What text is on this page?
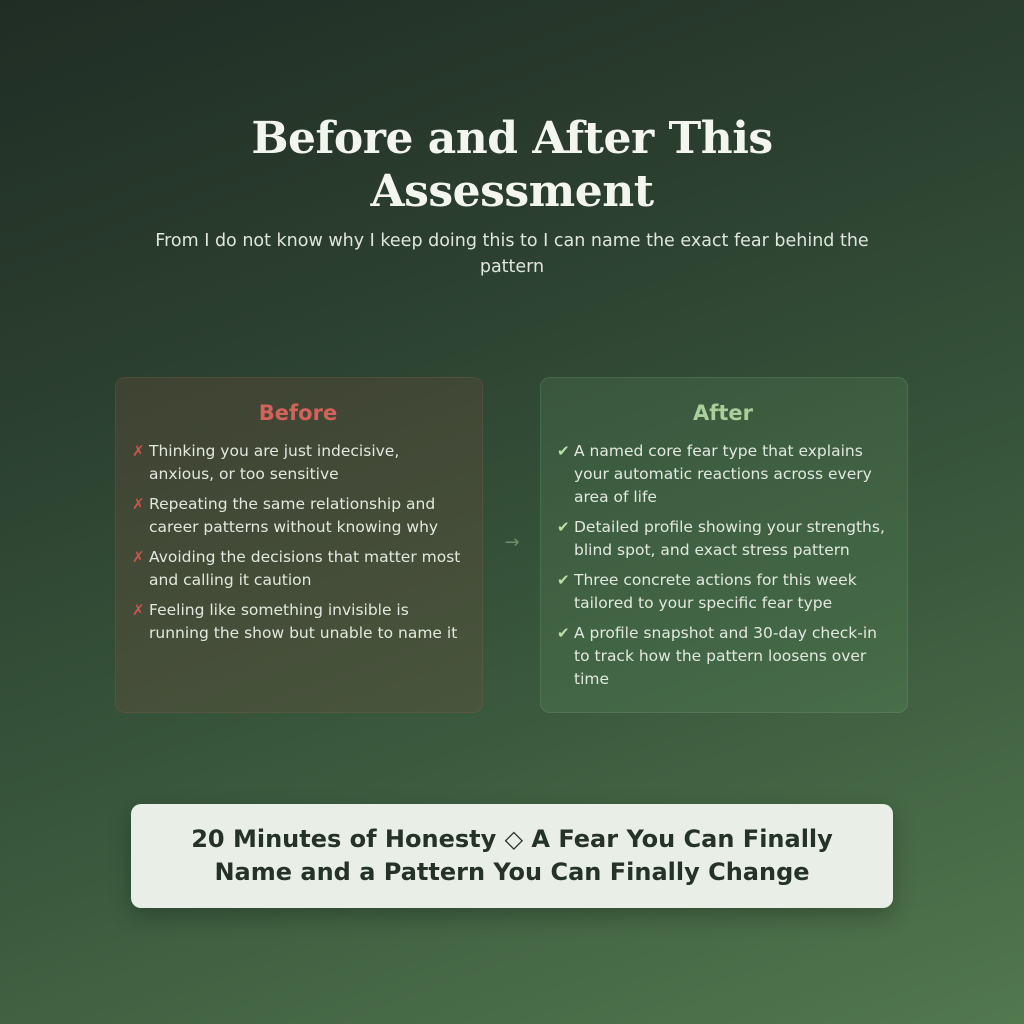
Before and After This Assessment
From I do not know why I keep doing this to I can name the exact fear behind the pattern
Before
✗ Thinking you are just indecisive, anxious, or too sensitive
✗ Repeating the same relationship and career patterns without knowing why
✗ Avoiding the decisions that matter most and calling it caution
✗ Feeling like something invisible is running the show but unable to name it
→
After
✔ A named core fear type that explains your automatic reactions across every area of life
✔ Detailed profile showing your strengths, blind spot, and exact stress pattern
✔ Three concrete actions for this week tailored to your specific fear type
✔ A profile snapshot and 30-day check-in to track how the pattern loosens over time
20 Minutes of Honesty ◇ A Fear You Can Finally Name and a Pattern You Can Finally Change
